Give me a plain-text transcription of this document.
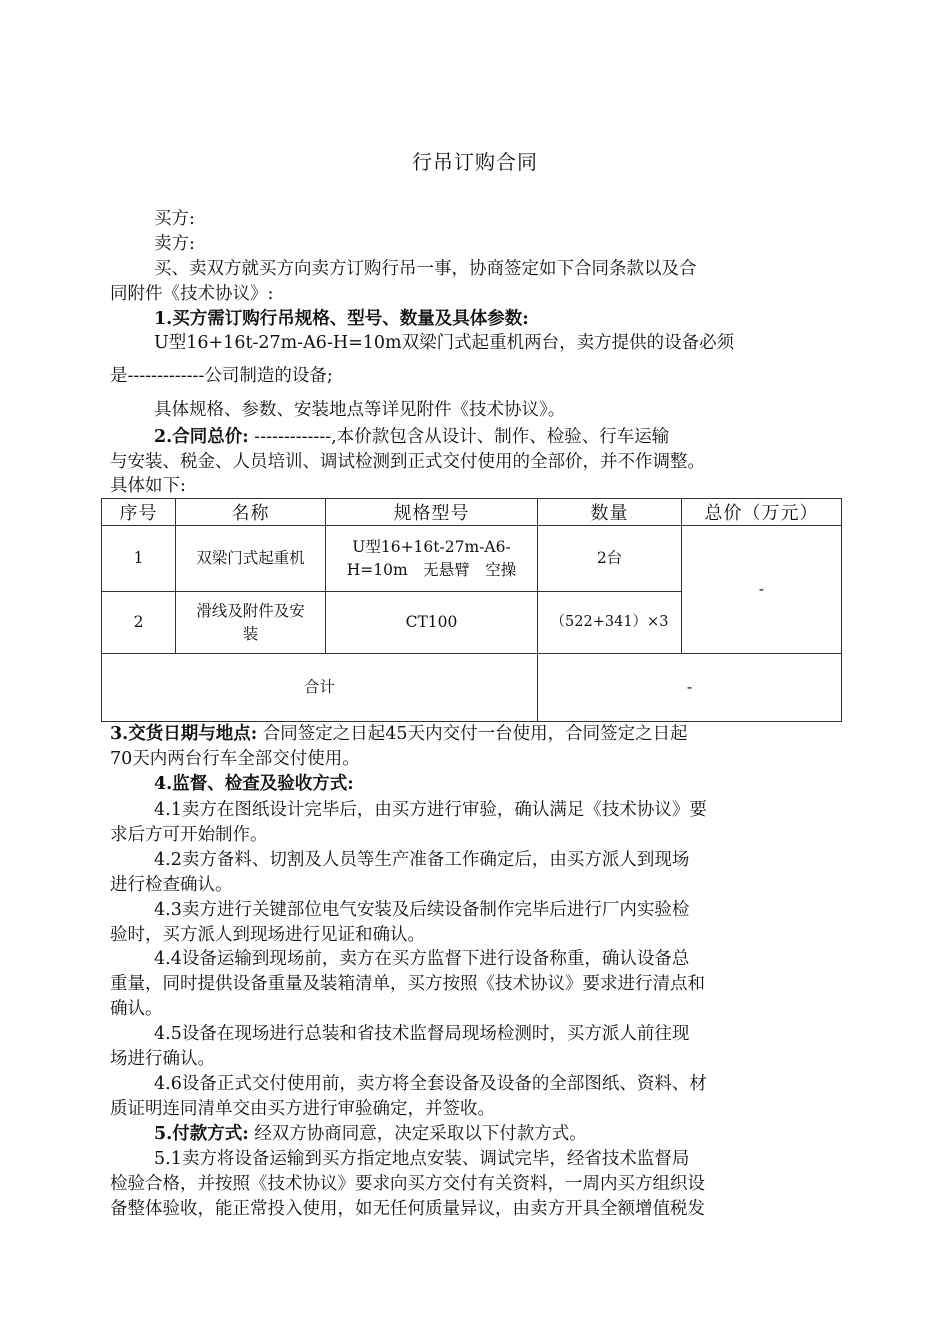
行吊订购合同
买方:
卖方:
买、卖双方就买方向卖方订购行吊一事，协商签定如下合同条款以及合
同附件《技术协议》:
1.买方需订购行吊规格、型号、数量及具体参数:
U型16+16t-27m-A6-H=10m双梁门式起重机两台，卖方提供的设备必须
是-------------公司制造的设备;
具体规格、参数、安装地点等详见附件《技术协议》。
2.合同总价: -------------,本价款包含从设计、制作、检验、行车运输
与安装、税金、人员培训、调试检测到正式交付使用的全部价，并不作调整。
具体如下:
序号	名称	规格型号	数量	总价（万元）
1	双梁门式起重机	U型16+16t-27m-A6-H=10m　无悬臂　空操	2台	-
2	滑线及附件及安装	CT100	（522+341）×3	
合计			-	
3.交货日期与地点: 合同签定之日起45天内交付一台使用，合同签定之日起
70天内两台行车全部交付使用。
4.监督、检查及验收方式:
4.1卖方在图纸设计完毕后，由买方进行审验，确认满足《技术协议》要
求后方可开始制作。
4.2卖方备料、切割及人员等生产准备工作确定后，由买方派人到现场
进行检查确认。
4.3卖方进行关键部位电气安装及后续设备制作完毕后进行厂内实验检
验时，买方派人到现场进行见证和确认。
4.4设备运输到现场前，卖方在买方监督下进行设备称重，确认设备总
重量，同时提供设备重量及装箱清单，买方按照《技术协议》要求进行清点和
确认。
4.5设备在现场进行总装和省技术监督局现场检测时，买方派人前往现
场进行确认。
4.6设备正式交付使用前，卖方将全套设备及设备的全部图纸、资料、材
质证明连同清单交由买方进行审验确定，并签收。
5.付款方式: 经双方协商同意，决定采取以下付款方式。
5.1卖方将设备运输到买方指定地点安装、调试完毕，经省技术监督局
检验合格，并按照《技术协议》要求向买方交付有关资料，一周内买方组织设
备整体验收，能正常投入使用，如无任何质量异议，由卖方开具全额增值税发
